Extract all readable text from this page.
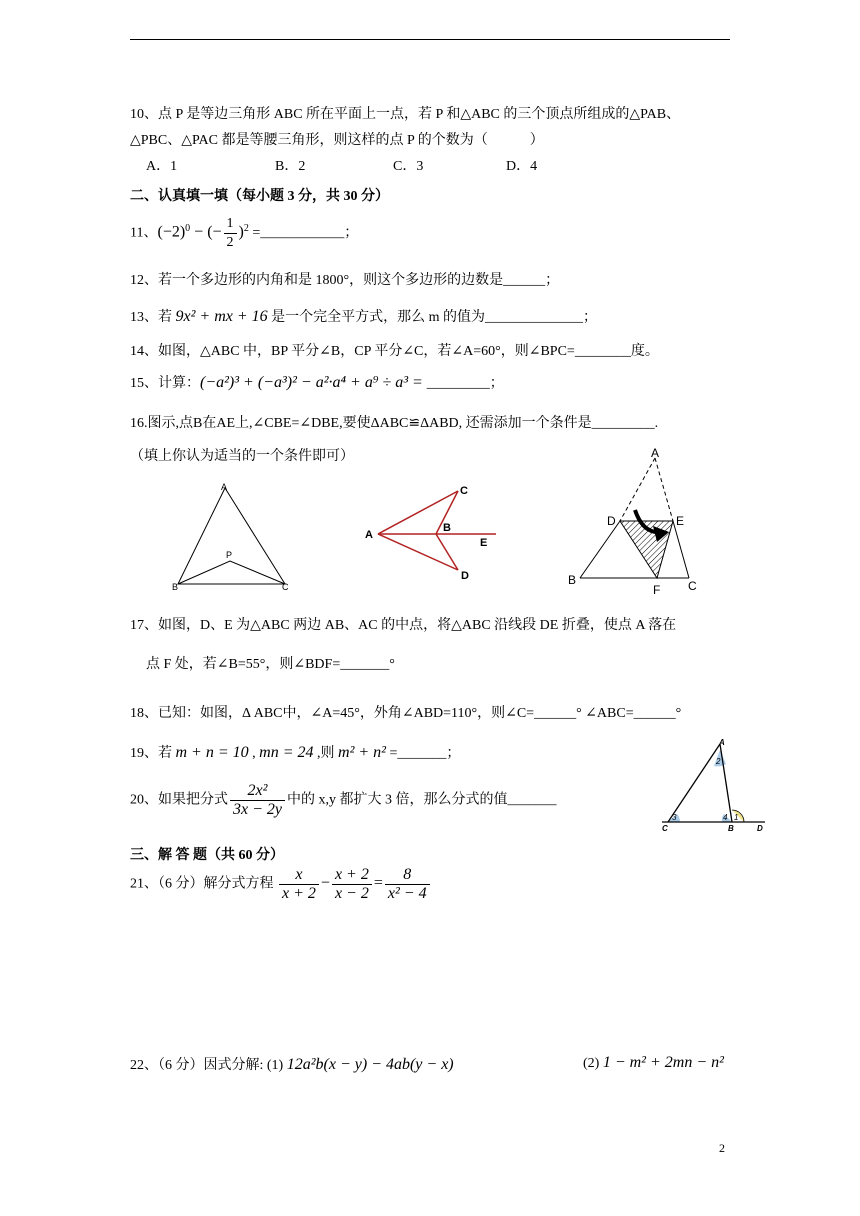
10、点 P 是等边三角形 ABC 所在平面上一点，若 P 和△ABC 的三个顶点所组成的△PAB、
△PBC、△PAC 都是等腰三角形，则这样的点 P 的个数为（　　　）
A．1	B．2	C．3	D．4
二、认真填一填（每小题 3 分，共 30 分）
11、$(-2)^0$ − (− $\frac{1}{2} )^2$ =____________；
12、若一个多边形的内角和是 1800°，则这个多边形的边数是______；
13、若 9x² + mx + 16 是一个完全平方式，那么 m 的值为______________；
14、如图，△ABC 中，BP 平分∠B，CP 平分∠C，若∠A=60°，则∠BPC=________度。
15、计算：(−a²)³ + (−a³)² − a²·a⁴ + a⁹ ÷ a³ = _________；
16.图示,点B在AE上,∠CBE=∠DBE,要使ΔABC≌ΔABD, 还需添加一个条件是_________.
（填上你认为适当的一个条件即可）
A
P
B	C
A
C
B
E
D
A
D	E
B	C
F
17、如图，D、E 为△ABC 两边 AB、AC 的中点，将△ABC 沿线段 DE 折叠，使点 A 落在
点 F 处，若∠B=55°，则∠BDF=_______°
18、已知：如图，Δ ABC中，∠A=45°，外角∠ABD=110°，则∠C=______° ∠ABC=______°
19、若 m + n = 10 , mn = 24 ,则 m² + n² =_______；
A
C	B	D
2
3	4 1
20、如果把分式 $\frac{\text{2x²}}{3x - 2y}$ 中的 x,y 都扩大 3 倍，那么分式的值_______
三、解 答 题（共 60 分）
21、（6 分）解分式方程 $\frac{x}{x + 2} - \frac{x + 2}{x - 2} = \frac{8}{\text{x² − 4}}$
22、（6 分）因式分解: (1) 12a²b(x − y) − 4ab(y − x)	(2) 1 − m² + 2mn − n²
2
